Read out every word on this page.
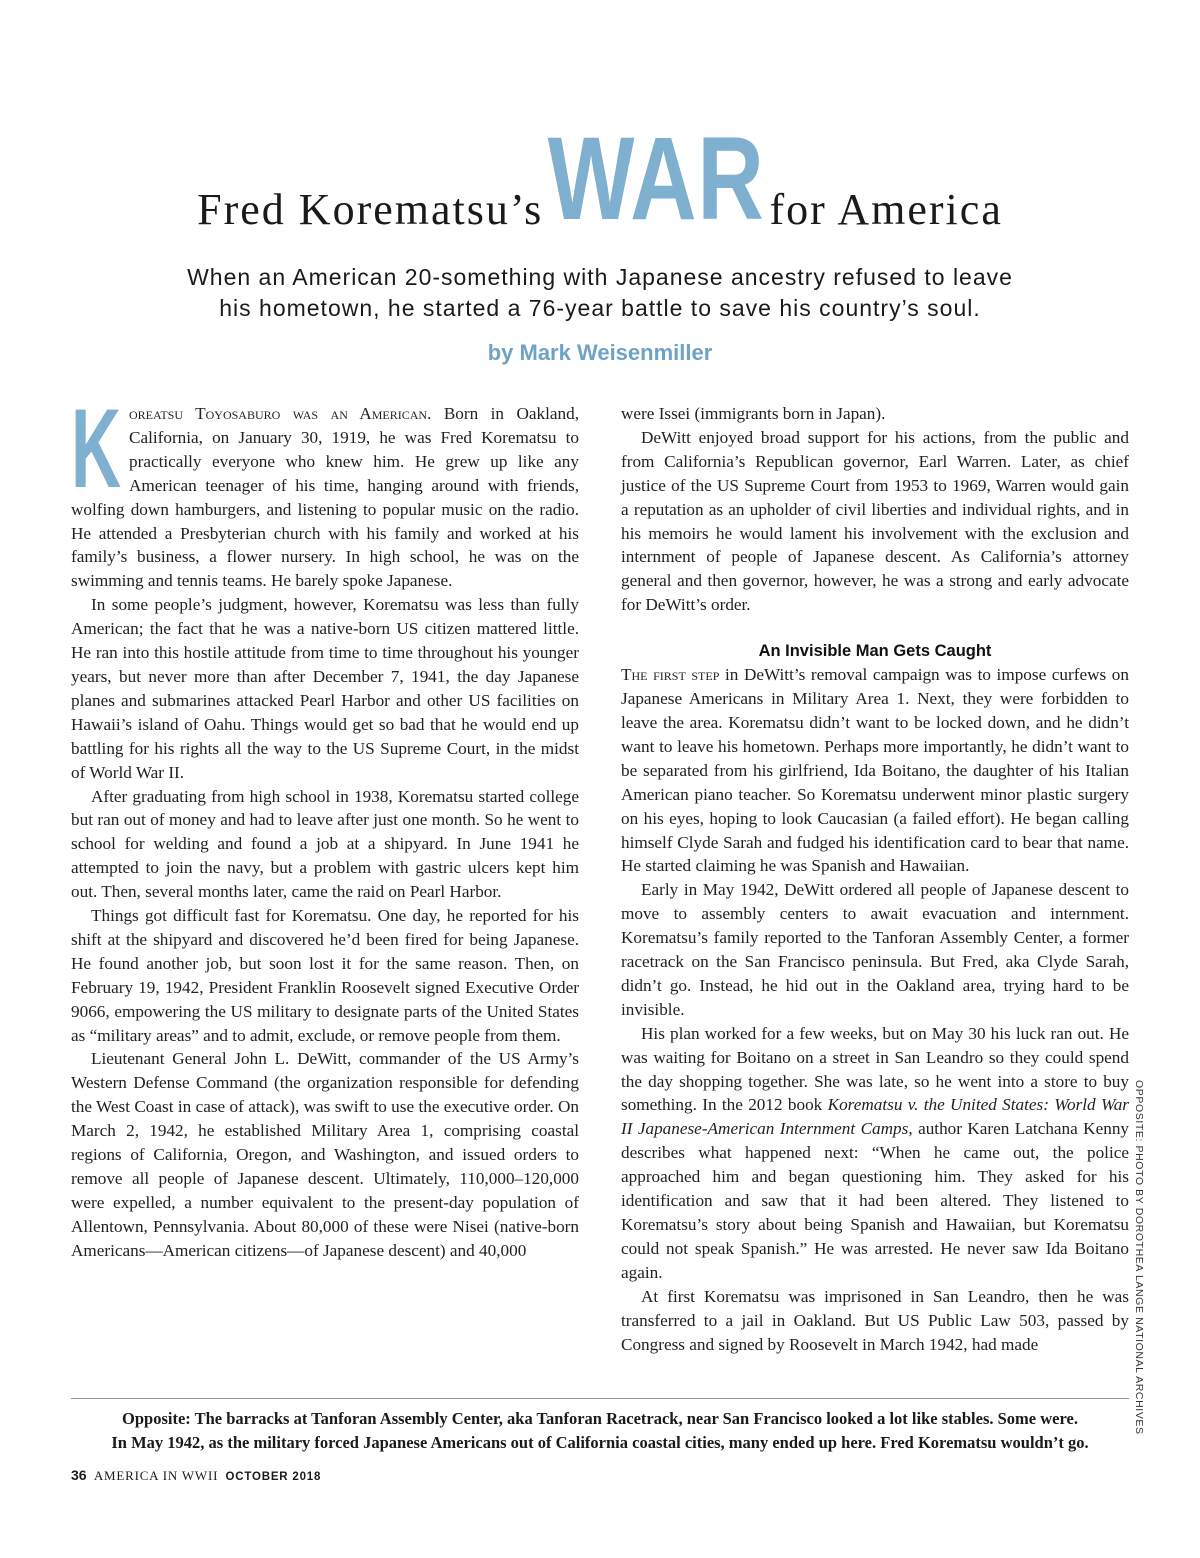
Fred Korematsu’s WAR for America
When an American 20-something with Japanese ancestry refused to leave
his hometown, he started a 76-year battle to save his country’s soul.
by Mark Weisenmiller

Koreatsu Toyosaburo was an American. Born in Oakland, California, on January 30, 1919, he was Fred Korematsu to practically everyone who knew him. He grew up like any American teenager of his time, hanging around with friends, wolfing down hamburgers, and listening to popular music on the radio. He attended a Presbyterian church with his family and worked at his family’s business, a flower nursery. In high school, he was on the swimming and tennis teams. He barely spoke Japanese.

In some people’s judgment, however, Korematsu was less than fully American; the fact that he was a native-born US citizen mattered little. He ran into this hostile attitude from time to time throughout his younger years, but never more than after December 7, 1941, the day Japanese planes and submarines attacked Pearl Harbor and other US facilities on Hawaii’s island of Oahu. Things would get so bad that he would end up battling for his rights all the way to the US Supreme Court, in the midst of World War II.

After graduating from high school in 1938, Korematsu started college but ran out of money and had to leave after just one month. So he went to school for welding and found a job at a shipyard. In June 1941 he attempted to join the navy, but a problem with gastric ulcers kept him out. Then, several months later, came the raid on Pearl Harbor.

Things got difficult fast for Korematsu. One day, he reported for his shift at the shipyard and discovered he’d been fired for being Japanese. He found another job, but soon lost it for the same reason. Then, on February 19, 1942, President Franklin Roosevelt signed Executive Order 9066, empowering the US military to designate parts of the United States as “military areas” and to admit, exclude, or remove people from them.

Lieutenant General John L. DeWitt, commander of the US Army’s Western Defense Command (the organization responsible for defending the West Coast in case of attack), was swift to use the executive order. On March 2, 1942, he established Military Area 1, comprising coastal regions of California, Oregon, and Washington, and issued orders to remove all people of Japanese descent. Ultimately, 110,000–120,000 were expelled, a number equivalent to the present-day population of Allentown, Pennsylvania. About 80,000 of these were Nisei (native-born Americans—American citizens—of Japanese descent) and 40,000

were Issei (immigrants born in Japan).

DeWitt enjoyed broad support for his actions, from the public and from California’s Republican governor, Earl Warren. Later, as chief justice of the US Supreme Court from 1953 to 1969, Warren would gain a reputation as an upholder of civil liberties and individual rights, and in his memoirs he would lament his involvement with the exclusion and internment of people of Japanese descent. As California’s attorney general and then governor, however, he was a strong and early advocate for DeWitt’s order.

An Invisible Man Gets Caught

The first step in DeWitt’s removal campaign was to impose curfews on Japanese Americans in Military Area 1. Next, they were forbidden to leave the area. Korematsu didn’t want to be locked down, and he didn’t want to leave his hometown. Perhaps more importantly, he didn’t want to be separated from his girlfriend, Ida Boitano, the daughter of his Italian American piano teacher. So Korematsu underwent minor plastic surgery on his eyes, hoping to look Caucasian (a failed effort). He began calling himself Clyde Sarah and fudged his identification card to bear that name. He started claiming he was Spanish and Hawaiian.

Early in May 1942, DeWitt ordered all people of Japanese descent to move to assembly centers to await evacuation and internment. Korematsu’s family reported to the Tanforan Assembly Center, a former racetrack on the San Francisco peninsula. But Fred, aka Clyde Sarah, didn’t go. Instead, he hid out in the Oakland area, trying hard to be invisible.

His plan worked for a few weeks, but on May 30 his luck ran out. He was waiting for Boitano on a street in San Leandro so they could spend the day shopping together. She was late, so he went into a store to buy something. In the 2012 book Korematsu v. the United States: World War II Japanese-American Internment Camps, author Karen Latchana Kenny describes what happened next: “When he came out, the police approached him and began questioning him. They asked for his identification and saw that it had been altered. They listened to Korematsu’s story about being Spanish and Hawaiian, but Korematsu could not speak Spanish.” He was arrested. He never saw Ida Boitano again.

At first Korematsu was imprisoned in San Leandro, then he was transferred to a jail in Oakland. But US Public Law 503, passed by Congress and signed by Roosevelt in March 1942, had made	OPPOSITE: PHOTO BY DOROTHEA LANGE NATIONAL ARCHIVES
Opposite: The barracks at Tanforan Assembly Center, aka Tanforan Racetrack, near San Francisco looked a lot like stables. Some were.
In May 1942, as the military forced Japanese Americans out of California coastal cities, many ended up here. Fred Korematsu wouldn’t go.
36 AMERICA IN WWII OCTOBER 2018
